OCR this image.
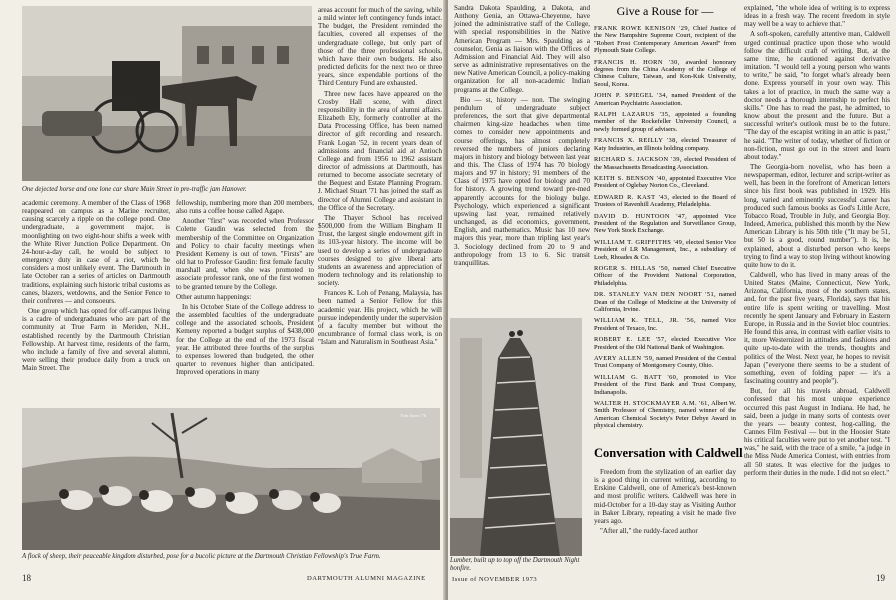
One dejected horse and one lone car share Main Street in pre-traffic jam Hanover.

areas account for much of the saving, while a mild winter left contingency funds intact. The budget, the President reminded the faculties, covered all expenses of the undergraduate college, but only part of those of the three professional schools, which have their own budgets. He also predicted deficits for the next two or three years, since expendable portions of the Third Century Fund are exhausted.

Three new faces have appeared on the Crosby Hall scene, with direct responsibility in the area of alumni affairs. Elizabeth Ely, formerly controller at the Data Processing Office, has been named director of gift recording and research. Frank Logan '52, in recent years dean of admissions and financial aid at Antioch College and from 1956 to 1962 assistant director of admissions at Dartmouth, has returned to become associate secretary of the Bequest and Estate Planning Program. J. Michael Stuart '71 has joined the staff as director of Alumni College and assistant in the Office of the Secretary.

The Thayer School has received $500,000 from the William Bingham II Trust, the largest single endowment gift in its 103-year history. The income will be used to develop a series of undergraduate courses designed to give liberal arts students an awareness and appreciation of modern technology and its relationship to society.

Frances K. Loh of Penang, Malaysia, has been named a Senior Fellow for this academic year. His project, which he will pursue independently under the supervision of a faculty member but without the encumbrance of formal class work, is on "Islam and Naturalism in Southeast Asia."

academic ceremony. A member of the Class of 1968 reappeared on campus as a Marine recruiter, causing scarcely a ripple on the college pond. One undergraduate, a government major, is moonlighting on two eight-hour shifts a week with the White River Junction Police Department. On 24-hour-a-day call, he would be subject to emergency duty in case of a riot, which he considers a most unlikely event. The Dartmouth in late October ran a series of articles on Dartmouth traditions, explaining such historic tribal customs as canes, blazers, wetdowns, and the Senior Fence to their confreres — and consoeurs.

One group which has opted for off-campus living is a cadre of undergraduates who are part of the community at True Farm in Meriden, N.H., established recently by the Dartmouth Christian Fellowship. At harvest time, residents of the farm, who include a family of five and several alumni, were selling their produce daily from a truck on Main Street. The

fellowship, numbering more than 200 members, also runs a coffee house called Agape.

Another "first" was recorded when Professor Colette Gaudin was selected from the membership of the Committee on Organization and Policy to chair faculty meetings when President Kemeny is out of town. "Firsts" are old hat to Professor Gaudin: first female faculty marshall and, when she was promoted to associate professor rank, one of the first women to be granted tenure by the College.

Other autumn happenings:

In his October State of the College address to the assembled faculties of the undergraduate college and the associated schools, President Kemeny reported a budget surplus of $438,000 for the College at the end of the 1973 fiscal year. He attributed three fourths of the surplus to expenses lowered than budgeted, the other quarter to revenues higher than anticipated. Improved operations in many

Tom Ames '76
A flock of sheep, their peaceable kingdom disturbed, pose for a bucolic picture at the Dartmouth Christian Fellowship's True Farm.
18	DARTMOUTH ALUMNI MAGAZINE

Sandra Dakota Spaulding, a Dakota, and Anthony Genia, an Ottawa-Cheyenne, have joined the administrative staff of the College, with special responsibilities in the Native American Program — Mrs. Spaulding as a counselor, Genia as liaison with the Offices of Admission and Financial Aid. They will also serve as administrative representatives on the new Native American Council, a policy-making organization for all non-academic Indian programs at the College.

Bio — st, history — non. The swinging pendulum of undergraduate subject preferences, the sort that give departmental chairmen king-size headaches when time comes to consider new appointments and course offerings, has almost completely reversed the numbers of juniors declaring majors in history and biology between last year and this. The Class of 1974 has 70 biology majors and 97 in history; 91 members of the Class of 1975 have opted for biology and 70 for history. A growing trend toward pre-med apparently accounts for the biology bulge. Psychology, which experienced a significant upswing last year, remained relatively unchanged, as did economics, government, English, and mathematics. Music has 10 new majors this year, more than tripling last year's 3. Sociology declined from 20 to 9 and anthropology from 13 to 6. Sic transit tranquillitas.

Lumber, built up to top off the Dartmouth Night bonfire.
Give a Rouse for —

FRANK ROWE KENISON '29, Chief Justice of the New Hampshire Supreme Court, recipient of the "Robert Frost Contemporary American Award" from Plymouth State College.

FRANCIS H. HORN '30, awarded honorary degrees from the China Academy of the College of Chinese Culture, Taiwan, and Kon-Kuk University, Seoul, Korea.

JOHN P. SPIEGEL '34, named President of the American Psychiatric Association.

RALPH LAZARUS '35, appointed a founding member of the Rockefeller University Council, a newly formed group of advisers.

FRANCIS X. REILLY '38, elected Treasurer of Katy Industries, an Illinois holding company.

RICHARD S. JACKSON '39, elected President of the Massachusetts Broadcasting Association.

KEITH S. BENSON '40, appointed Executive Vice President of Oglebay Norton Co., Cleveland.

EDWARD R. KAST '43, elected to the Board of Trustees of Ravenhill Academy, Philadelphia.

DAVID D. HUNTOON '47, appointed Vice President of the Regulation and Surveillance Group, New York Stock Exchange.

WILLIAM T. GRIFFITHS '49, elected Senior Vice President of LR Management, Inc., a subsidiary of Loeb, Rhoades & Co.

ROGER S. HILLAS '50, named Chief Executive Officer of the Provident National Corporation, Philadelphia.

DR. STANLEY VAN DEN NOORT '51, named Dean of the College of Medicine at the University of California, Irvine.

WILLIAM K. TELL, JR. '56, named Vice President of Texaco, Inc.

ROBERT E. LEE '57, elected Executive Vice President of the Old National Bank of Washington.

AVERY ALLEN '59, named President of the Central Trust Company of Montgomery County, Ohio.

WILLIAM G. BATT '60, promoted to Vice President of the First Bank and Trust Company, Indianapolis.

WALTER H. STOCKMAYER A.M. '61, Albert W. Smith Professor of Chemistry, named winner of the American Chemical Society's Peter Debye Award in physical chemistry.

Conversation with Caldwell

Freedom from the stylization of an earlier day is a good thing in current writing, according to Erskine Caldwell, one of America's best-known and most prolific writers. Caldwell was here in mid-October for a 10-day stay as Visiting Author in Baker Library, repeating a visit he made five years ago.

"After all," the ruddy-faced author

explained, "the whole idea of writing is to express ideas in a fresh way. The recent freedom in style may well be a way to achieve that."

A soft-spoken, carefully attentive man, Caldwell urged continual practice upon those who would follow the difficult craft of writing. But, at the same time, he cautioned against derivative imitation. "I would tell a young person who wants to write," he said, "to forget what's already been done. Express yourself in your own way. This takes a lot of practice, in much the same way a doctor needs a thorough internship to perfect his skills." One has to read the past, he admitted, to know about the present and the future. But a successful writer's outlook must be to the future. "The day of the escapist writing in an attic is past," he said. "The writer of today, whether of fiction or non-fiction, must go out in the street and learn about today."

The Georgia-born novelist, who has been a newspaperman, editor, lecturer and script-writer as well, has been in the forefront of American letters since his first book was published in 1929. His long, varied and eminently successful career has produced such famous books as God's Little Acre, Tobacco Road, Trouble in July, and Georgia Boy. Indeed, America, published this month by the New American Library is his 50th title ("It may be 51, but 50 is a good, round number"). It is, he explained, about a disturbed person who keeps trying to find a way to stop living without knowing quite how to do it.

Caldwell, who has lived in many areas of the United States (Maine, Connecticut, New York, Arizona, California, most of the southern states, and, for the past five years, Florida), says that his entire life is spent writing or travelling. Most recently he spent January and February in Eastern Europe, in Russia and in the Soviet bloc countries. He found this area, in contrast with earlier visits to it, more Westernized in attitudes and fashions and quite up-to-date with the trends, thoughts and politics of the West. Next year, he hopes to revisit Japan ("everyone there seems to be a student of something, even of folding paper — it's a fascinating country and people").

But, for all his travels abroad, Caldwell confessed that his most unique experience occurred this past August in Indiana. He had, he said, been a judge in many sorts of contests over the years — beauty contest, hog-calling, the Cannes Film Festival — but in the Hoosier State his critical faculties were put to yet another test. "I was," he said, with the trace of a smile, "a judge in the Miss Nude America Contest, with entries from all 50 states. It was elective for the judges to perform their duties in the nude. I did not so elect."

Issue of NOVEMBER 1973	19
